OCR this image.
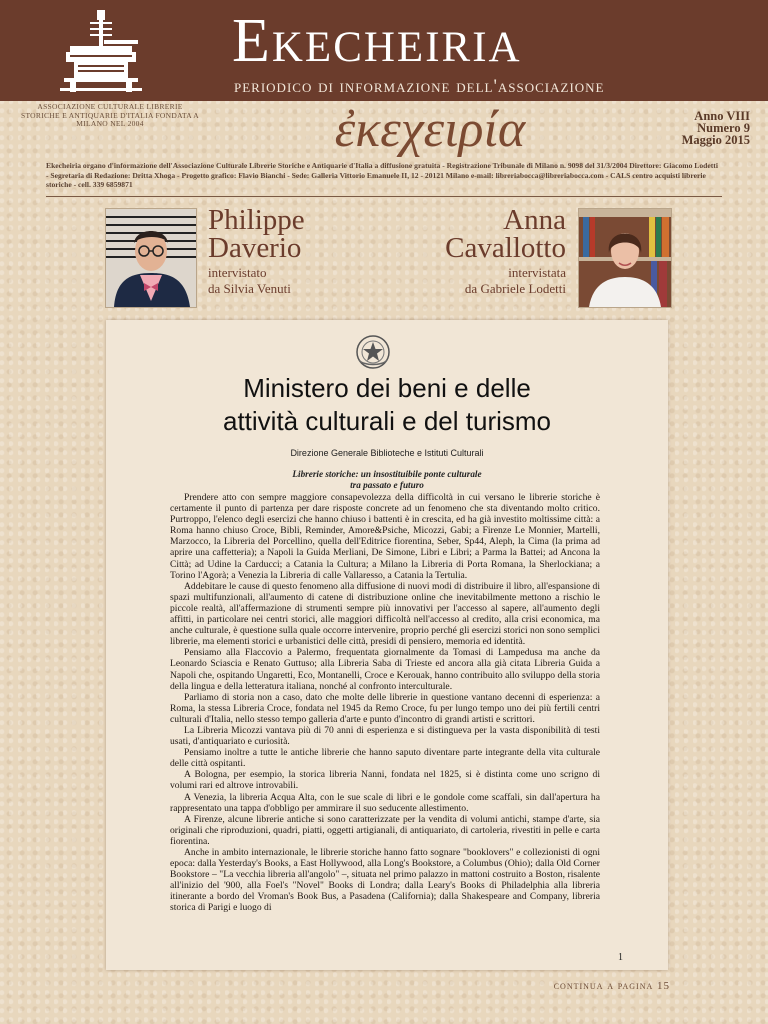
Ekecheiria
periodico di informazione dell'associazione
ASSOCIAZIONE CULTURALE LIBRERIE STORICHE E ANTIQUARIE D'ITALIA FONDATA A MILANO NEL 2004	ἐκεχειρία	Anno VIII
Numero 9
Maggio 2015
Ekecheiria organo d'informazione dell'Associazione Culturale Librerie Storiche e Antiquarie d'Italia a diffusione gratuita - Registrazione Tribunale di Milano n. 9098 del 31/3/2004 Direttore: Giacomo Lodetti - Segretaria di Redazione: Dritta Xhoga - Progetto grafico: Flavio Bianchi - Sede: Galleria Vittorio Emanuele II, 12 - 20121 Milano e-mail: libreriabocca@libreriabocca.com - CALS centro acquisti librerie storiche - cell. 339 6859871
Philippe
Daverio
intervistato
da Silvia Venuti
Anna
Cavallotto
intervistata
da Gabriele Lodetti
Ministero dei beni e delle
attività culturali e del turismo
Direzione Generale Biblioteche e Istituti Culturali
Librerie storiche: un insostituibile ponte culturale
tra passato e futuro

Prendere atto con sempre maggiore consapevolezza della difficoltà in cui versano le librerie storiche è certamente il punto di partenza per dare risposte concrete ad un fenomeno che sta diventando molto critico. Purtroppo, l'elenco degli esercizi che hanno chiuso i battenti è in crescita, ed ha già investito moltissime città: a Roma hanno chiuso Croce, Bibli, Reminder, Amore&Psiche, Micozzi, Gabi; a Firenze Le Monnier, Martelli, Marzocco, la Libreria del Porcellino, quella dell'Editrice fiorentina, Seber, Sp44, Aleph, la Cima (la prima ad aprire una caffetteria); a Napoli la Guida Merliani, De Simone, Libri e Libri; a Parma la Battei; ad Ancona la Città; ad Udine la Carducci; a Catania la Cultura; a Milano la Libreria di Porta Romana, la Sherlockiana; a Torino l'Agorà; a Venezia la Libreria di calle Vallaresso, a Catania la Tertulia.

Addebitare le cause di questo fenomeno alla diffusione di nuovi modi di distribuire il libro, all'espansione di spazi multifunzionali, all'aumento di catene di distribuzione online che inevitabilmente mettono a rischio le piccole realtà, all'affermazione di strumenti sempre più innovativi per l'accesso al sapere, all'aumento degli affitti, in particolare nei centri storici, alle maggiori difficoltà nell'accesso al credito, alla crisi economica, ma anche culturale, è questione sulla quale occorre intervenire, proprio perché gli esercizi storici non sono semplici librerie, ma elementi storici e urbanistici delle città, presidi di pensiero, memoria ed identità.

Pensiamo alla Flaccovio a Palermo, frequentata giornalmente da Tomasi di Lampedusa ma anche da Leonardo Sciascia e Renato Guttuso; alla Libreria Saba di Trieste ed ancora alla già citata Libreria Guida a Napoli che, ospitando Ungaretti, Eco, Montanelli, Croce e Kerouak, hanno contribuito allo sviluppo della storia della lingua e della letteratura italiana, nonché al confronto interculturale.

Parliamo di storia non a caso, dato che molte delle librerie in questione vantano decenni di esperienza: a Roma, la stessa Libreria Croce, fondata nel 1945 da Remo Croce, fu per lungo tempo uno dei più fertili centri culturali d'Italia, nello stesso tempo galleria d'arte e punto d'incontro di grandi artisti e scrittori.

La Libreria Micozzi vantava più di 70 anni di esperienza e si distingueva per la vasta disponibilità di testi usati, d'antiquariato e curiosità.

Pensiamo inoltre a tutte le antiche librerie che hanno saputo diventare parte integrante della vita culturale delle città ospitanti.

A Bologna, per esempio, la storica libreria Nanni, fondata nel 1825, si è distinta come uno scrigno di volumi rari ed altrove introvabili.

A Venezia, la libreria Acqua Alta, con le sue scale di libri e le gondole come scaffali, sin dall'apertura ha rappresentato una tappa d'obbligo per ammirare il suo seducente allestimento.

A Firenze, alcune librerie antiche si sono caratterizzate per la vendita di volumi antichi, stampe d'arte, sia originali che riproduzioni, quadri, piatti, oggetti artigianali, di antiquariato, di cartoleria, rivestiti in pelle e carta fiorentina.

Anche in ambito internazionale, le librerie storiche hanno fatto sognare "booklovers" e collezionisti di ogni epoca: dalla Yesterday's Books, a East Hollywood, alla Long's Bookstore, a Columbus (Ohio); dalla Old Corner Bookstore – "La vecchia libreria all'angolo" –, situata nel primo palazzo in mattoni costruito a Boston, risalente all'inizio del '900, alla Foel's "Novel" Books di Londra; dalla Leary's Books di Philadelphia alla libreria itinerante a bordo del Vroman's Book Bus, a Pasadena (California); dalla Shakespeare and Company, libreria storica di Parigi e luogo di

1
continua a pagina 15
